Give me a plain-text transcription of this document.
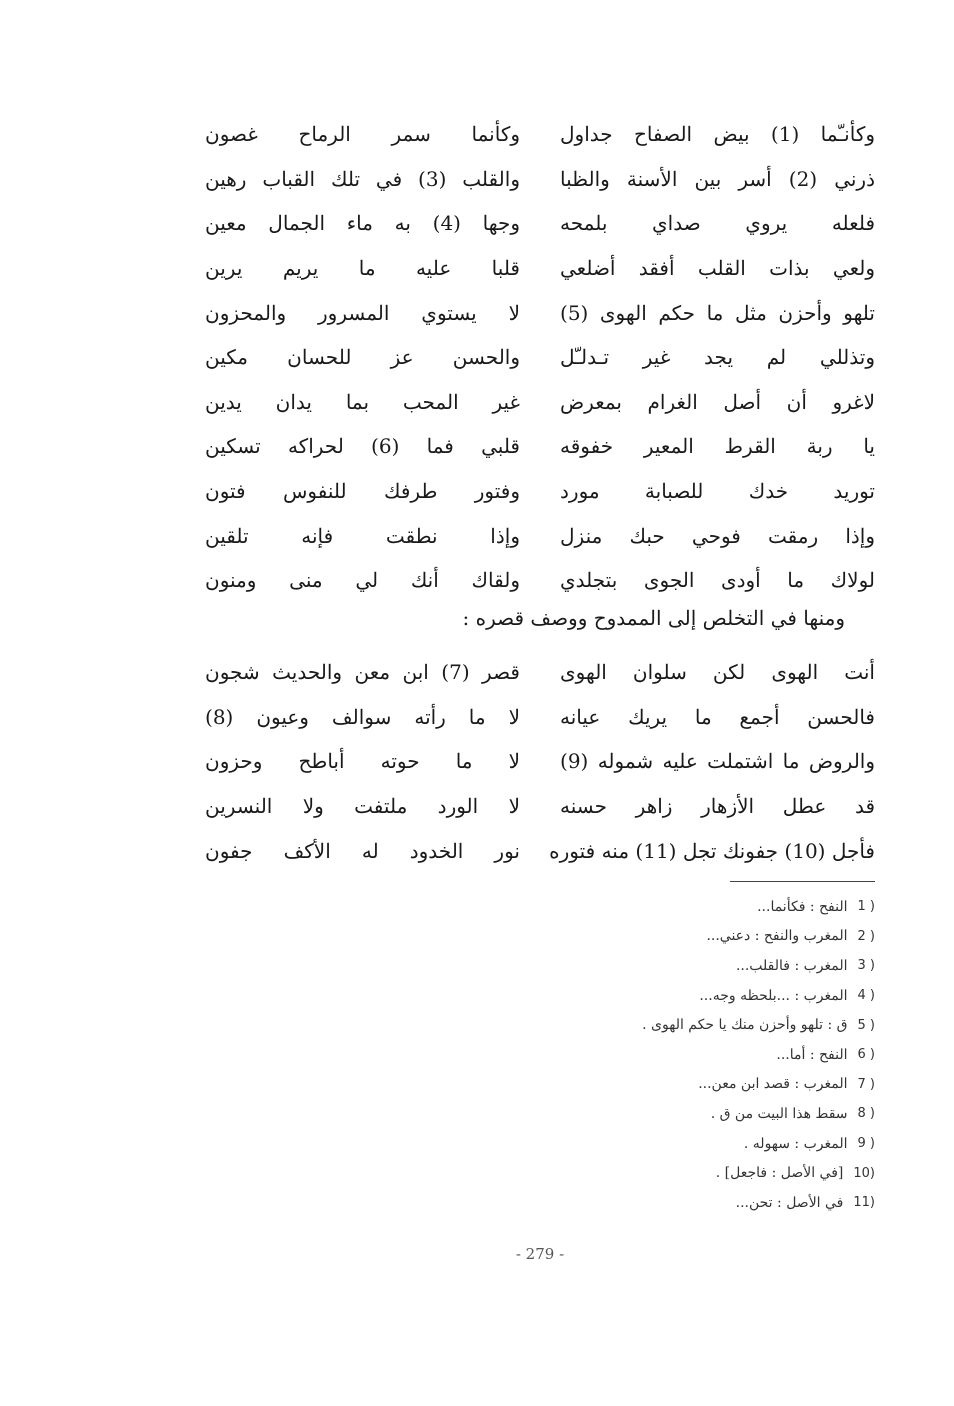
وكأنـّما (1) بيض الصفاح جداول
وكأنما سمر الرماح غصون
ذرني (2) أسر بين الأسنة والظبا
والقلب (3) في تلك القباب رهين
فلعله يروي صداي بلمحه
وجها (4) به ماء الجمال معين
ولعي بذات القلب أفقد أضلعي
قلبا عليه ما يريم يرين
تلهو وأحزن مثل ما حكم الهوى (5)
لا يستوي المسرور والمحزون
وتذللي لم يجد غير تـدلـّل
والحسن عز للحسان مكين
لاغرو أن أصل الغرام بمعرض
غير المحب بما يدان يدين
يا ربة القرط المعير خفوقه
قلبي فما (6) لحراكه تسكين
توريد خدك للصبابة مورد
وفتور طرفك للنفوس فتون
وإذا رمقت فوحي حبك منزل
وإذا نطقت فإنه تلقين
لولاك ما أودى الجوى بتجلدي
ولقاك أنك لي منى ومنون
ومنها في التخلص إلى الممدوح ووصف قصره :
أنت الهوى لكن سلوان الهوى
قصر (7) ابن معن والحديث شجون
فالحسن أجمع ما يريك عيانه
لا ما رأته سوالف وعيون (8)
والروض ما اشتملت عليه شموله (9)
لا ما حوته أباطح وحزون
قد عطل الأزهار زاهر حسنه
لا الورد ملتفت ولا النسرين
فأجل (10) جفونك تجل (11) منه فتوره
نور الخدود له الأكف جفون
1 )
النفح : فكأنما...
2 )
المغرب والنفح : دعني...
3 )
المغرب : فالقلب...
4 )
المغرب : ...بلحظه وجه...
5 )
ق : تلهو وأحزن منك يا حكم الهوى .
6 )
النفح : أما...
7 )
المغرب : قصد ابن معن...
8 )
سقط هذا البيت من ق .
9 )
المغرب : سهوله .
10)
[في الأصل : فاجعل] .
11)
في الأصل : تحن...
- 279 -
